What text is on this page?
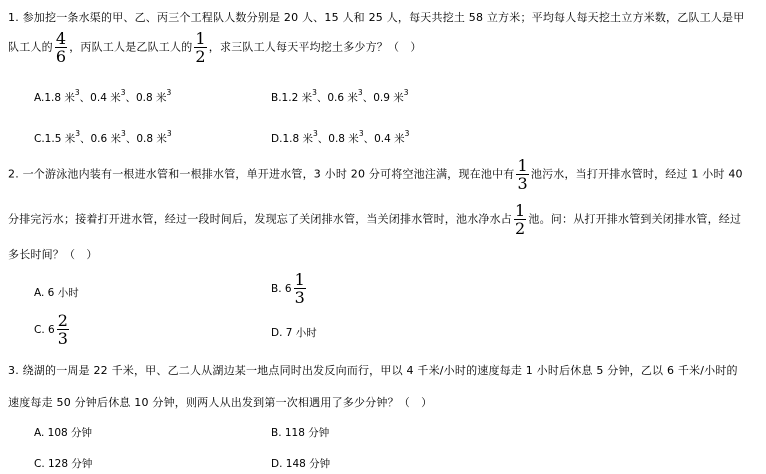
1. 参加挖一条水渠的甲、乙、丙三个工程队人数分别是 20 人、15 人和 25 人，每天共挖土 58 立方米；平均每人每天挖土立方米数，乙队工人是甲
队工人的 $\frac{4}{6}$ ，丙队工人是乙队工人的 $\frac{1}{2}$ ，求三队工人每天平均挖土多少方？（　）
A.1.8 米$^3$、0.4 米$^3$、0.8 米$^3$	B.1.2 米$^3$、0.6 米$^3$、0.9 米$^3$
C.1.5 米$^3$、0.6 米$^3$、0.8 米$^3$	D.1.8 米$^3$、0.8 米$^3$、0.4 米$^3$
2. 一个游泳池内装有一根进水管和一根排水管，单开进水管，3 小时 20 分可将空池注满，现在池中有 $\frac{1}{3}$ 池污水，当打开排水管时，经过 1 小时 40
分排完污水；接着打开进水管，经过一段时间后，发现忘了关闭排水管，当关闭排水管时，池水净水占 $\frac{1}{2}$ 池。问：从打开排水管到关闭排水管，经过
多长时间？（　）
A. 6 小时	B. $6 \frac{1}{3}$
C. $6 \frac{2}{3}$	D. 7 小时
3. 绕湖的一周是 22 千米，甲、乙二人从湖边某一地点同时出发反向而行，甲以 4 千米/小时的速度每走 1 小时后休息 5 分钟，乙以 6 千米/小时的
速度每走 50 分钟后休息 10 分钟，则两人从出发到第一次相遇用了多少分钟？（　）
A. 108 分钟	B. 118 分钟
C. 128 分钟	D. 148 分钟
